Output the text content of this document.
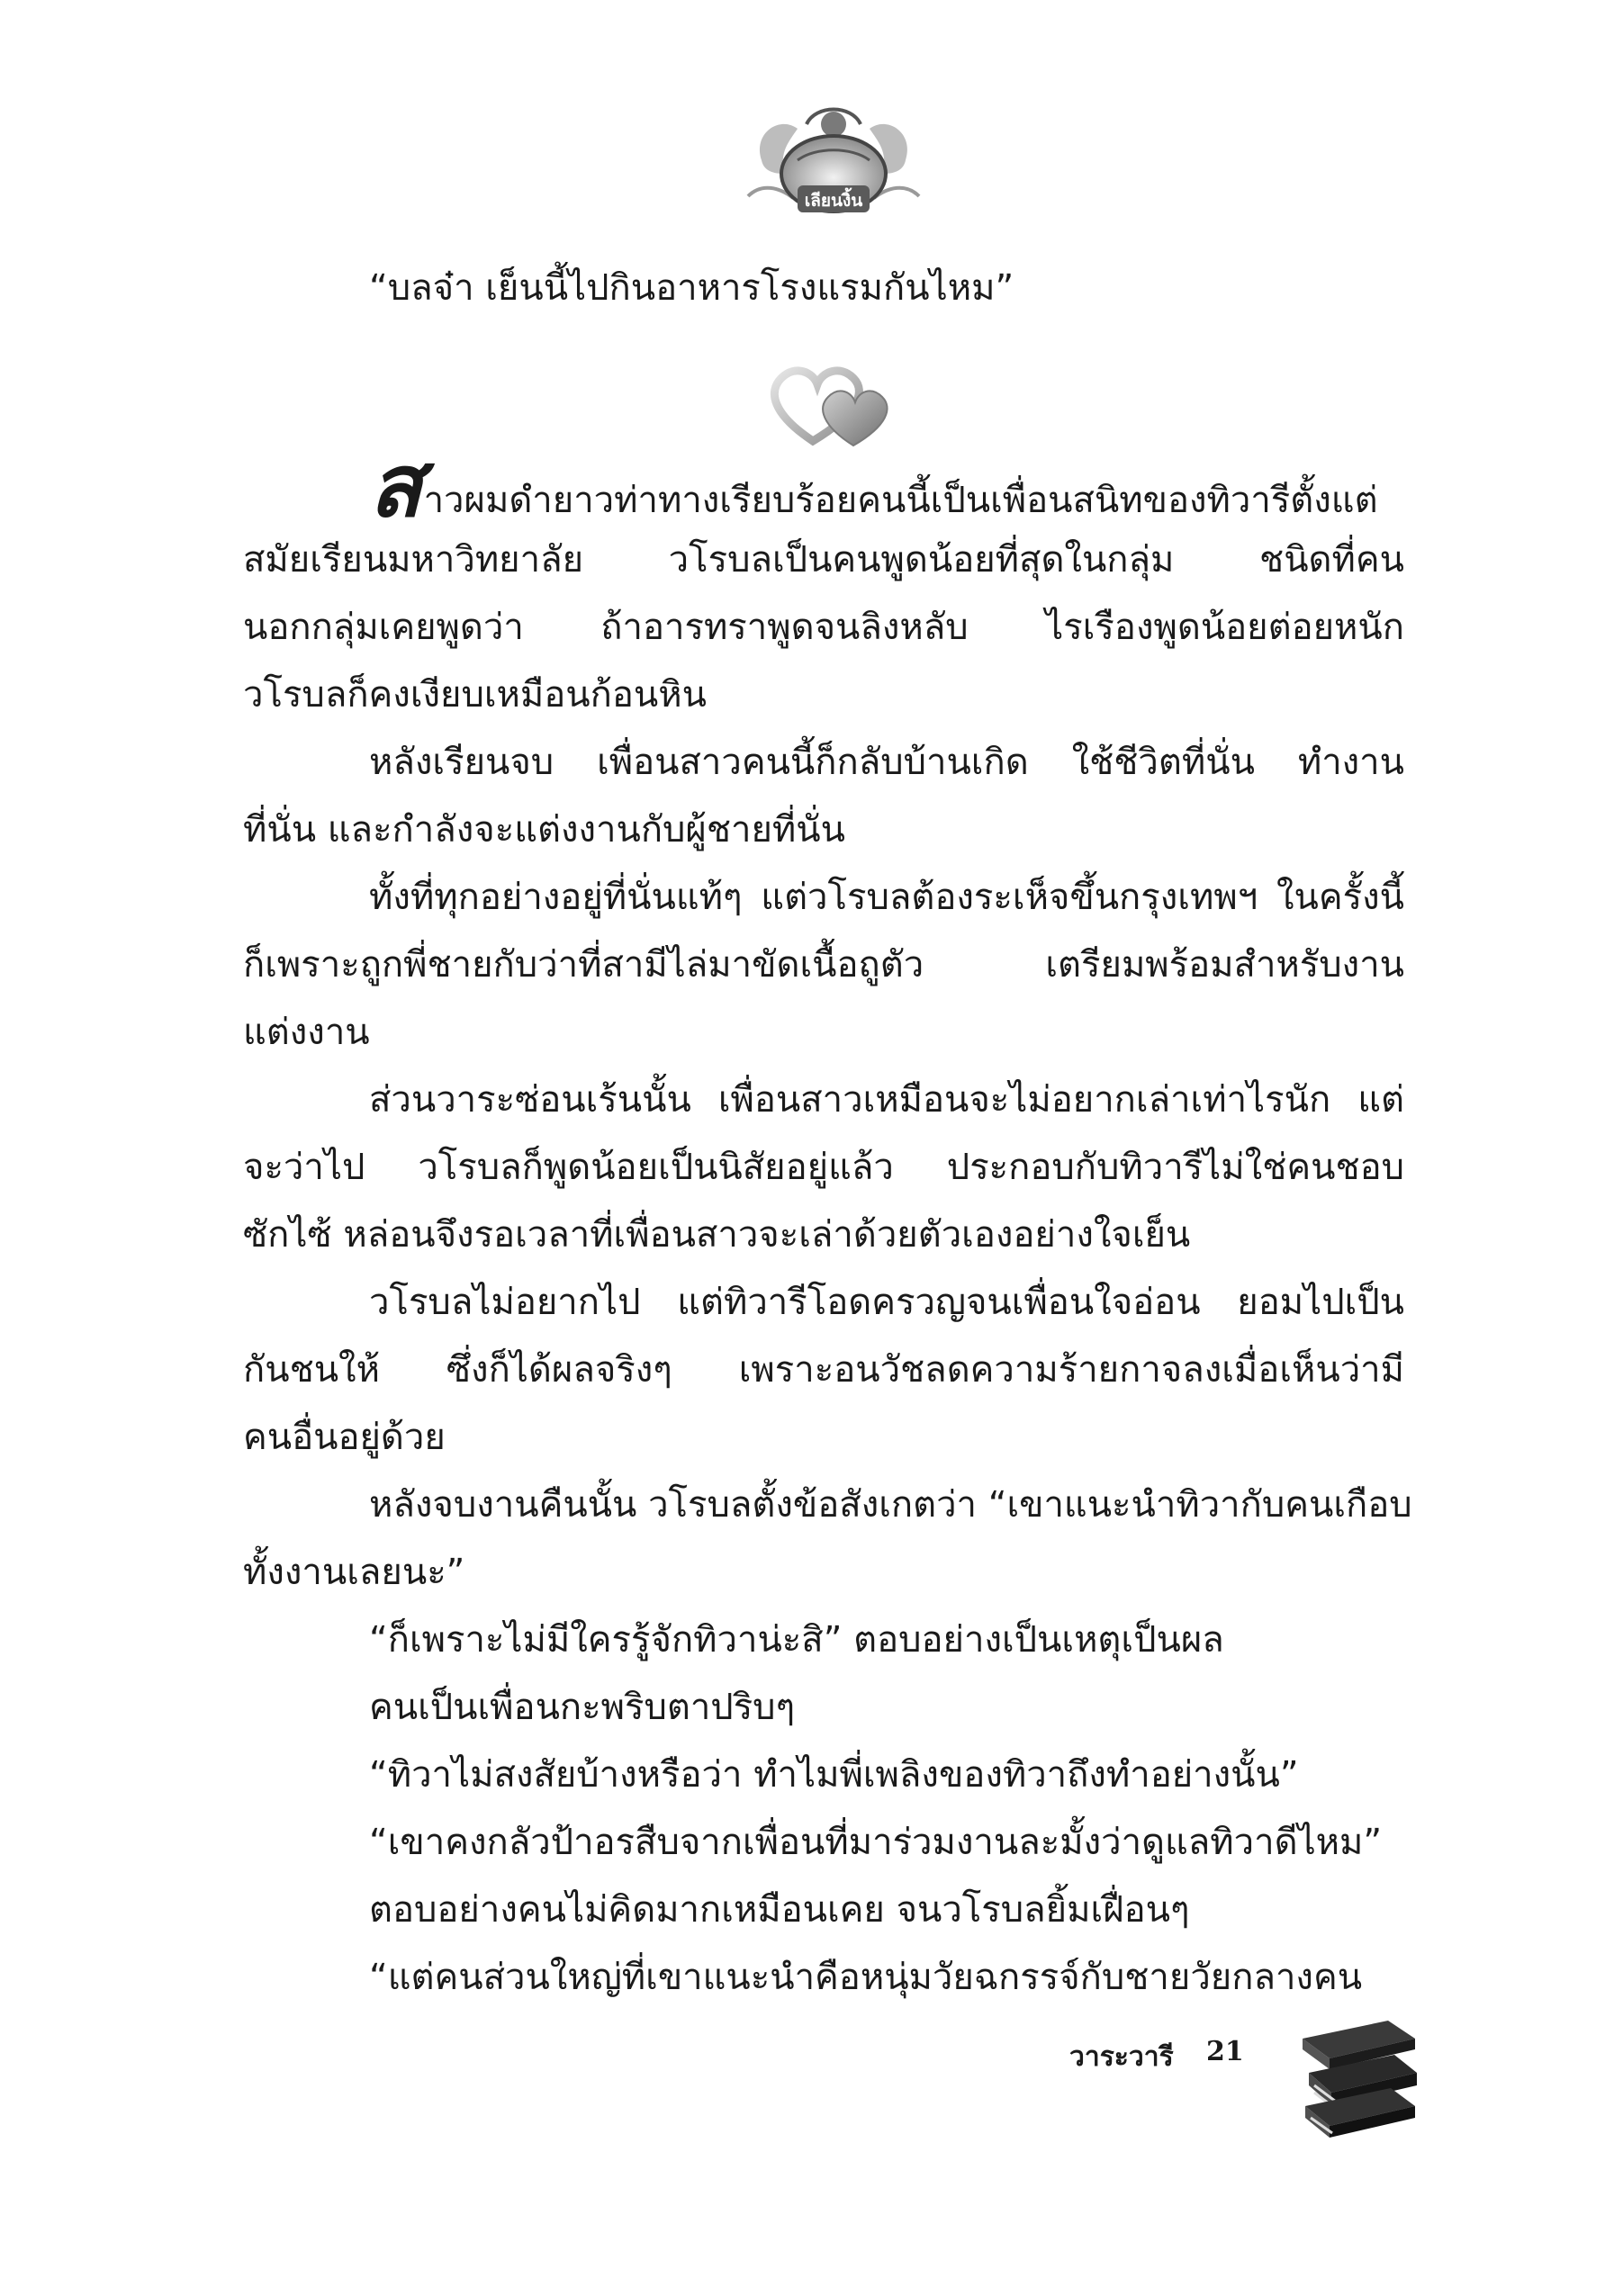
เลียนงิ้น
“บลจ๋า เย็นนี้ไปกินอาหารโรงแรมกันไหม”
สาวผมดำยาวท่าทางเรียบร้อยคนนี้เป็นเพื่อนสนิทของทิวารีตั้งแต่
สมัยเรียนมหาวิทยาลัย วโรบลเป็นคนพูดน้อยที่สุดในกลุ่ม ชนิดที่คน
นอกกลุ่มเคยพูดว่า ถ้าอารทราพูดจนลิงหลับ ไรเรืองพูดน้อยต่อยหนัก
วโรบลก็คงเงียบเหมือนก้อนหิน
หลังเรียนจบ เพื่อนสาวคนนี้ก็กลับบ้านเกิด ใช้ชีวิตที่นั่น ทำงาน
ที่นั่น และกำลังจะแต่งงานกับผู้ชายที่นั่น
ทั้งที่ทุกอย่างอยู่ที่นั่นแท้ๆ แต่วโรบลต้องระเห็จขึ้นกรุงเทพฯ ในครั้งนี้
ก็เพราะถูกพี่ชายกับว่าที่สามีไล่มาขัดเนื้อถูตัว เตรียมพร้อมสำหรับงาน
แต่งงาน
ส่วนวาระซ่อนเร้นนั้น เพื่อนสาวเหมือนจะไม่อยากเล่าเท่าไรนัก แต่
จะว่าไป วโรบลก็พูดน้อยเป็นนิสัยอยู่แล้ว ประกอบกับทิวารีไม่ใช่คนชอบ
ซักไซ้ หล่อนจึงรอเวลาที่เพื่อนสาวจะเล่าด้วยตัวเองอย่างใจเย็น
วโรบลไม่อยากไป แต่ทิวารีโอดครวญจนเพื่อนใจอ่อน ยอมไปเป็น
กันชนให้ ซึ่งก็ได้ผลจริงๆ เพราะอนวัชลดความร้ายกาจลงเมื่อเห็นว่ามี
คนอื่นอยู่ด้วย
หลังจบงานคืนนั้น วโรบลตั้งข้อสังเกตว่า “เขาแนะนำทิวากับคนเกือบ
ทั้งงานเลยนะ”
“ก็เพราะไม่มีใครรู้จักทิวาน่ะสิ” ตอบอย่างเป็นเหตุเป็นผล
คนเป็นเพื่อนกะพริบตาปริบๆ
“ทิวาไม่สงสัยบ้างหรือว่า ทำไมพี่เพลิงของทิวาถึงทำอย่างนั้น”
“เขาคงกลัวป้าอรสืบจากเพื่อนที่มาร่วมงานละมั้งว่าดูแลทิวาดีไหม”
ตอบอย่างคนไม่คิดมากเหมือนเคย จนวโรบลยิ้มเฝื่อนๆ
“แต่คนส่วนใหญ่ที่เขาแนะนำคือหนุ่มวัยฉกรรจ์กับชายวัยกลางคน
วาระวารี 21
